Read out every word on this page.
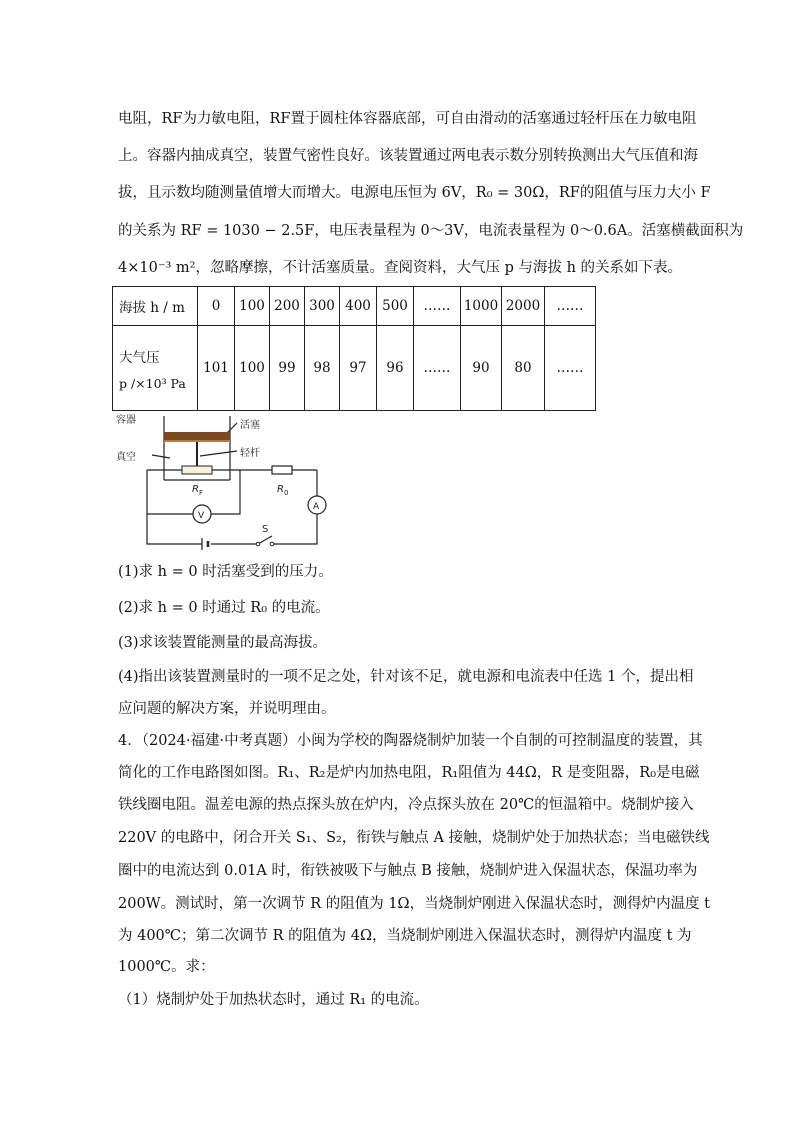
电阻，RF为力敏电阻，RF置于圆柱体容器底部，可自由滑动的活塞通过轻杆压在力敏电阻
上。容器内抽成真空，装置气密性良好。该装置通过两电表示数分别转换测出大气压值和海
拔，且示数均随测量值增大而增大。电源电压恒为 6V，R₀ = 30Ω，RF的阻值与压力大小 F
的关系为 RF = 1030 − 2.5F，电压表量程为 0～3V，电流表量程为 0～0.6A。活塞横截面积为
4×10⁻³ m²，忽略摩擦，不计活塞质量。查阅资料，大气压 p 与海拔 h 的关系如下表。
海拔 h / m	0	100	200	300	400	500	……	1000	2000	……

大气压
p /×10³ Pa	101	100	99	98	97	96	……	90	80	……
容器	活塞
真空	轻杆
R F	R 0
V
A
S
(1)求 h = 0 时活塞受到的压力。
(2)求 h = 0 时通过 R₀ 的电流。
(3)求该装置能测量的最高海拔。
(4)指出该装置测量时的一项不足之处，针对该不足，就电源和电流表中任选 1 个，提出相
应问题的解决方案，并说明理由。
4．（2024·福建·中考真题）小闽为学校的陶器烧制炉加装一个自制的可控制温度的装置，其
简化的工作电路图如图。R₁、R₂是炉内加热电阻，R₁阻值为 44Ω，R 是变阻器，R₀是电磁
铁线圈电阻。温差电源的热点探头放在炉内，冷点探头放在 20℃的恒温箱中。烧制炉接入
220V 的电路中，闭合开关 S₁、S₂，衔铁与触点 A 接触，烧制炉处于加热状态；当电磁铁线
圈中的电流达到 0.01A 时，衔铁被吸下与触点 B 接触，烧制炉进入保温状态，保温功率为
200W。测试时，第一次调节 R 的阻值为 1Ω，当烧制炉刚进入保温状态时，测得炉内温度 t
为 400℃；第二次调节 R 的阻值为 4Ω，当烧制炉刚进入保温状态时，测得炉内温度 t 为
1000℃。求：
（1）烧制炉处于加热状态时，通过 R₁ 的电流。
